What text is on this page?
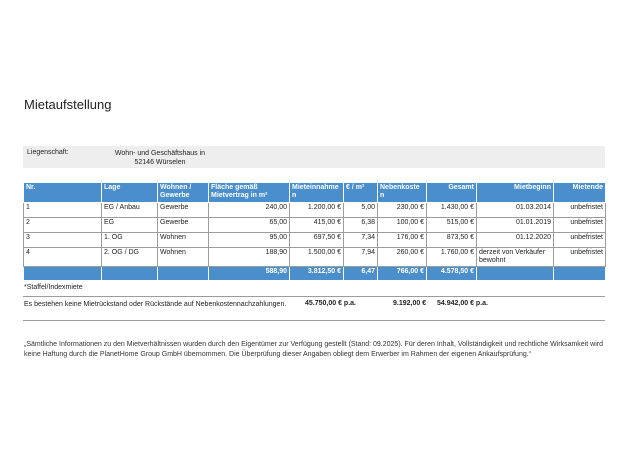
Mietaufstellung
Liegenschaft:	Wohn- und Geschäftshaus in
52146 Würselen
Nr.	Lage	Wohnen / Gewerbe	Fläche gemäß Mietvertrag in m²	Mieteinnahme n	€ / m²	Nebenkoste n	Gesamt	Mietbeginn	Mietende
1	EG / Anbau	Gewerbe	240,00	1.200,00 €	5,00	230,00 €	1.430,00 €	01.03.2014	unbefristet
2	EG	Gewerbe	65,00	415,00 €	6,38	100,00 €	515,00 €	01.01.2019	unbefristet
3	1. OG	Wohnen	95,00	697,50 €	7,34	176,00 €	873,50 €	01.12.2020	unbefristet
4	2. OG / DG	Wohnen	188,90	1.500,00 €	7,94	260,00 €	1.760,00 €	derzeit von Verkäufer bewohnt	unbefristet
			588,90	3.812,50 €	6,47	766,00 €	4.578,50 €		
*Staffel/Indexmiete
Es bestehen keine Mietrückstand oder Rückstände auf Nebenkostennachzahlungen.	45.750,00 € p.a.	9.192,00 € 54.942,00 € p.a.
„Sämtliche Informationen zu den Mietverhältnissen wurden durch den Eigentümer zur Verfügung gestellt (Stand: 09.2025). Für deren Inhalt, Vollständigkeit und rechtliche Wirksamkeit wird keine Haftung durch die PlanetHome Group GmbH übernommen. Die Überprüfung dieser Angaben obliegt dem Erwerber im Rahmen der eigenen Ankaufsprüfung.“
